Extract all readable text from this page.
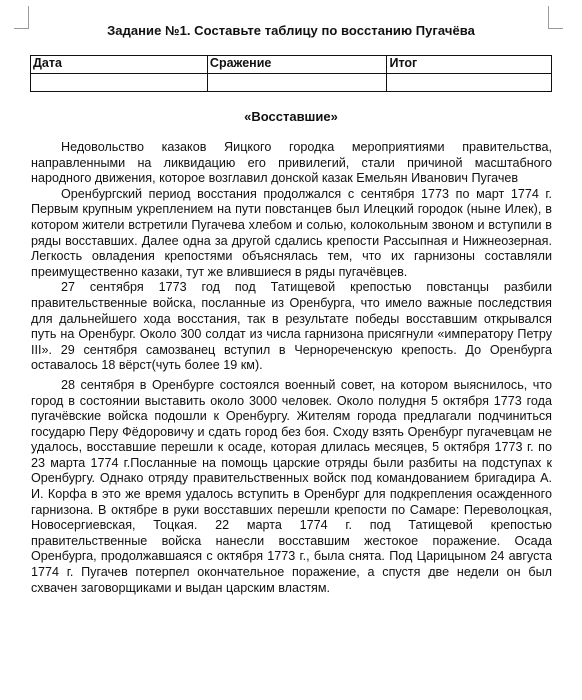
Задание №1. Составьте таблицу по восстанию Пугачёва
Дата	Сражение	Итог

«Восставшие»

Недовольство казаков Яицкого городка мероприятиями правительства, направленными на ликвидацию его привилегий, стали причиной масштабного народного движения, которое возглавил донской казак Емельян Иванович Пугачев

Оренбургский период восстания продолжался с сентября 1773 по март 1774 г. Первым крупным укреплением на пути повстанцев был Илецкий городок (ныне Илек), в котором жители встретили Пугачева хлебом и солью, колокольным звоном и вступили в ряды восставших. Далее одна за другой сдались крепости Рассыпная и Нижнеозерная. Легкость овладения крепостями объяснялась тем, что их гарнизоны составляли преимущественно казаки, тут же влившиеся в ряды пугачёвцев.

27 сентября 1773 год под Татищевой крепостью повстанцы разбили правительственные войска, посланные из Оренбурга, что имело важные последствия для дальнейшего хода восстания, так в результате победы восставшим открывался путь на Оренбург. Около 300 солдат из числа гарнизона присягнули «императору Петру III». 29 сентября самозванец вступил в Чернореченскую крепость. До Оренбурга оставалось 18 вёрст(чуть более 19 км).

28 сентября в Оренбурге состоялся военный совет, на котором выяснилось, что город в состоянии выставить около 3000 человек. Около полудня 5 октября 1773 года пугачёвские войска подошли к Оренбургу. Жителям города предлагали подчиниться государю Перу Фёдоровичу и сдать город без боя. Сходу взять Оренбург пугачевцам не удалось, восставшие перешли к осаде, которая длилась месяцев, 5 октября 1773 г. по 23 марта 1774 г.Посланные на помощь царские отряды были разбиты на подступах к Оренбургу. Однако отряду правительственных войск под командованием бригадира А. И. Корфа в это же время удалось вступить в Оренбург для подкрепления осажденного гарнизона. В октябре в руки восставших перешли крепости по Самаре: Переволоцкая, Новосергиевская, Тоцкая. 22 марта 1774 г. под Татищевой крепостью правительственные войска нанесли восставшим жестокое поражение. Осада Оренбурга, продолжавшаяся с октября 1773 г., была снята. Под Царицыном 24 августа 1774 г. Пугачев потерпел окончательное поражение, а спустя две недели он был схвачен заговорщиками и выдан царским властям.
